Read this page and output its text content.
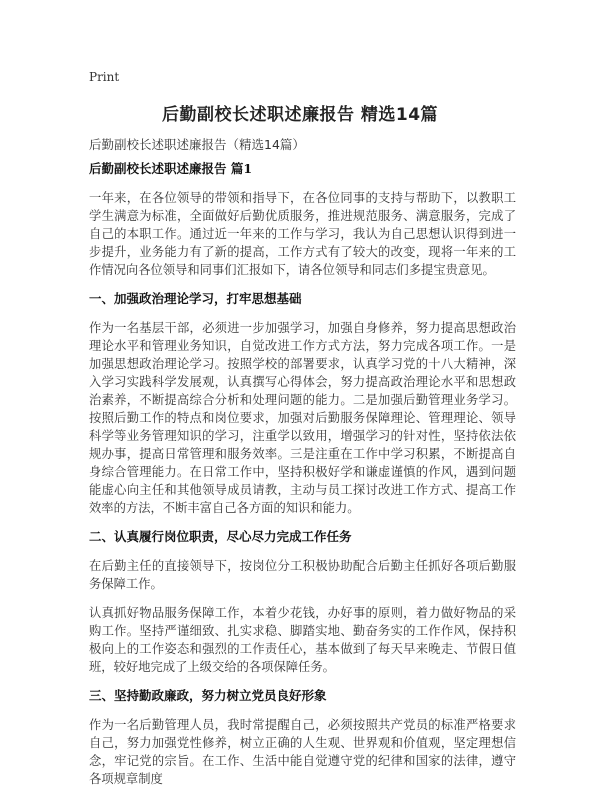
Print
后勤副校长述职述廉报告 精选14篇
后勤副校长述职述廉报告（精选14篇）
后勤副校长述职述廉报告 篇1
一年来，在各位领导的带领和指导下，在各位同事的支持与帮助下，以教职工学生满意为标准，全面做好后勤优质服务，推进规范服务、满意服务，完成了自己的本职工作。通过近一年来的工作与学习，我认为自己思想认识得到进一步提升，业务能力有了新的提高，工作方式有了较大的改变，现将一年来的工作情况向各位领导和同事们汇报如下，请各位领导和同志们多提宝贵意见。
一、加强政治理论学习，打牢思想基础
作为一名基层干部，必须进一步加强学习，加强自身修养，努力提高思想政治理论水平和管理业务知识，自觉改进工作方式方法，努力完成各项工作。一是加强思想政治理论学习。按照学校的部署要求，认真学习党的十八大精神，深入学习实践科学发展观，认真撰写心得体会，努力提高政治理论水平和思想政治素养，不断提高综合分析和处理问题的能力。二是加强后勤管理业务学习。按照后勤工作的特点和岗位要求，加强对后勤服务保障理论、管理理论、领导科学等业务管理知识的学习，注重学以致用，增强学习的针对性，坚持依法依规办事，提高日常管理和服务效率。三是注重在工作中学习积累，不断提高自身综合管理能力。在日常工作中，坚持积极好学和谦虚谨慎的作风，遇到问题能虚心向主任和其他领导成员请教，主动与员工探讨改进工作方式、提高工作效率的方法，不断丰富自己各方面的知识和能力。
二、认真履行岗位职责，尽心尽力完成工作任务
在后勤主任的直接领导下，按岗位分工积极协助配合后勤主任抓好各项后勤服务保障工作。
认真抓好物品服务保障工作，本着少花钱，办好事的原则，着力做好物品的采购工作。坚持严谨细致、扎实求稳、脚踏实地、勤奋务实的工作作风，保持积极向上的工作姿态和强烈的工作责任心，基本做到了每天早来晚走、节假日值班，较好地完成了上级交给的各项保障任务。
三、坚持勤政廉政，努力树立党员良好形象
作为一名后勤管理人员，我时常提醒自己，必须按照共产党员的标准严格要求自己，努力加强党性修养，树立正确的人生观、世界观和价值观，坚定理想信念，牢记党的宗旨。在工作、生活中能自觉遵守党的纪律和国家的法律，遵守各项规章制度
